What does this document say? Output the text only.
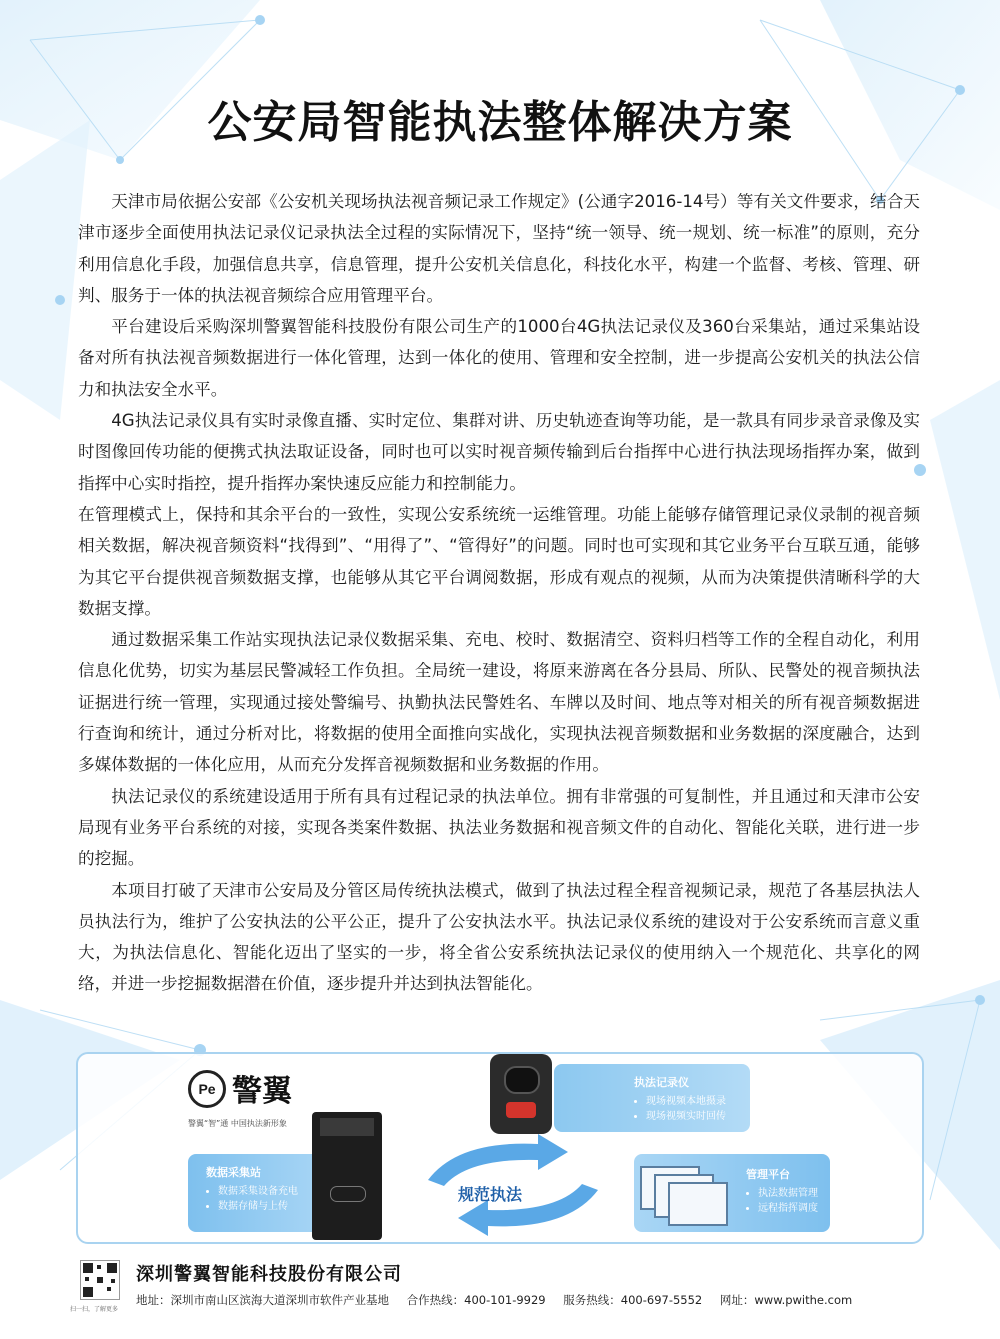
公安局智能执法整体解决方案

天津市局依据公安部《公安机关现场执法视音频记录工作规定》(公通字2016-14号）等有关文件要求，结合天津市逐步全面使用执法记录仪记录执法全过程的实际情况下，坚持“统一领导、统一规划、统一标准”的原则，充分利用信息化手段，加强信息共享，信息管理，提升公安机关信息化，科技化水平，构建一个监督、考核、管理、研判、服务于一体的执法视音频综合应用管理平台。

平台建设后采购深圳警翼智能科技股份有限公司生产的1000台4G执法记录仪及360台采集站，通过采集站设备对所有执法视音频数据进行一体化管理，达到一体化的使用、管理和安全控制，进一步提高公安机关的执法公信力和执法安全水平。

4G执法记录仪具有实时录像直播、实时定位、集群对讲、历史轨迹查询等功能，是一款具有同步录音录像及实时图像回传功能的便携式执法取证设备，同时也可以实时视音频传输到后台指挥中心进行执法现场指挥办案，做到指挥中心实时指控，提升指挥办案快速反应能力和控制能力。

在管理模式上，保持和其余平台的一致性，实现公安系统统一运维管理。功能上能够存储管理记录仪录制的视音频相关数据，解决视音频资料“找得到”、“用得了”、“管得好”的问题。同时也可实现和其它业务平台互联互通，能够为其它平台提供视音频数据支撑，也能够从其它平台调阅数据，形成有观点的视频，从而为决策提供清晰科学的大数据支撑。

通过数据采集工作站实现执法记录仪数据采集、充电、校时、数据清空、资料归档等工作的全程自动化，利用信息化优势，切实为基层民警减轻工作负担。全局统一建设，将原来游离在各分县局、所队、民警处的视音频执法证据进行统一管理，实现通过接处警编号、执勤执法民警姓名、车牌以及时间、地点等对相关的所有视音频数据进行查询和统计，通过分析对比，将数据的使用全面推向实战化，实现执法视音频数据和业务数据的深度融合，达到多媒体数据的一体化应用，从而充分发挥音视频数据和业务数据的作用。

执法记录仪的系统建设适用于所有具有过程记录的执法单位。拥有非常强的可复制性，并且通过和天津市公安局现有业务平台系统的对接，实现各类案件数据、执法业务数据和视音频文件的自动化、智能化关联，进行进一步的挖掘。

本项目打破了天津市公安局及分管区局传统执法模式，做到了执法过程全程音视频记录，规范了各基层执法人员执法行为，维护了公安执法的公平公正，提升了公安执法水平。执法记录仪系统的建设对于公安系统而言意义重大，为执法信息化、智能化迈出了坚实的一步，将全省公安系统执法记录仪的使用纳入一个规范化、共享化的网络，并进一步挖掘数据潜在价值，逐步提升并达到执法智能化。

Pe 警翼
警翼“智”通 中国执法新形象
执法记录仪
• 现场视频本地摄录
• 现场视频实时回传
数据采集站
• 数据采集设备充电
• 数据存储与上传
规范执法
管理平台
• 执法数据管理
• 远程指挥调度
扫一扫，了解更多
深圳警翼智能科技股份有限公司
地址：深圳市南山区滨海大道深圳市软件产业基地 合作热线：400-101-9929 服务热线：400-697-5552 网址：www.pwithe.com
